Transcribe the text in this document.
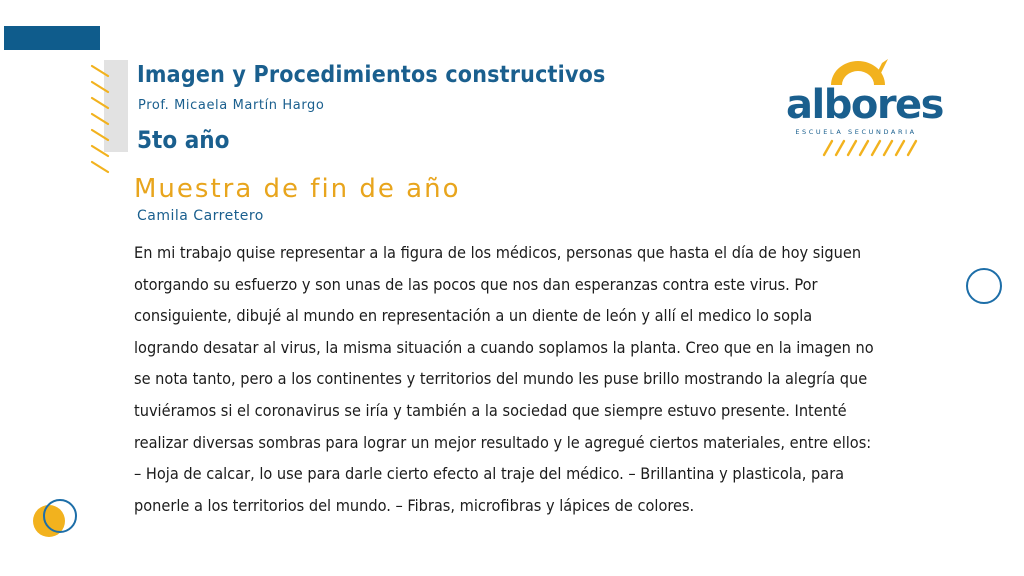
Imagen y Procedimientos constructivos
Prof. Micaela Martín Hargo
5to año
albores
ESCUELA SECUNDARIA
Muestra de fin de año
Camila Carretero

En mi trabajo quise representar a la figura de los médicos, personas que hasta el día de hoy siguen otorgando su esfuerzo y son unas de las pocos que nos dan esperanzas contra este virus. Por consiguiente, dibujé al mundo en representación a un diente de león y allí el medico lo sopla logrando desatar al virus, la misma situación a cuando soplamos la planta. Creo que en la imagen no se nota tanto, pero a los continentes y territorios del mundo les puse brillo mostrando la alegría que tuviéramos si el coronavirus se iría y también a la sociedad que siempre estuvo presente. Intenté realizar diversas sombras para lograr un mejor resultado y le agregué ciertos materiales, entre ellos:

– Hoja de calcar, lo use para darle cierto efecto al traje del médico. – Brillantina y plasticola, para ponerle a los territorios del mundo. – Fibras, microfibras y lápices de colores.
